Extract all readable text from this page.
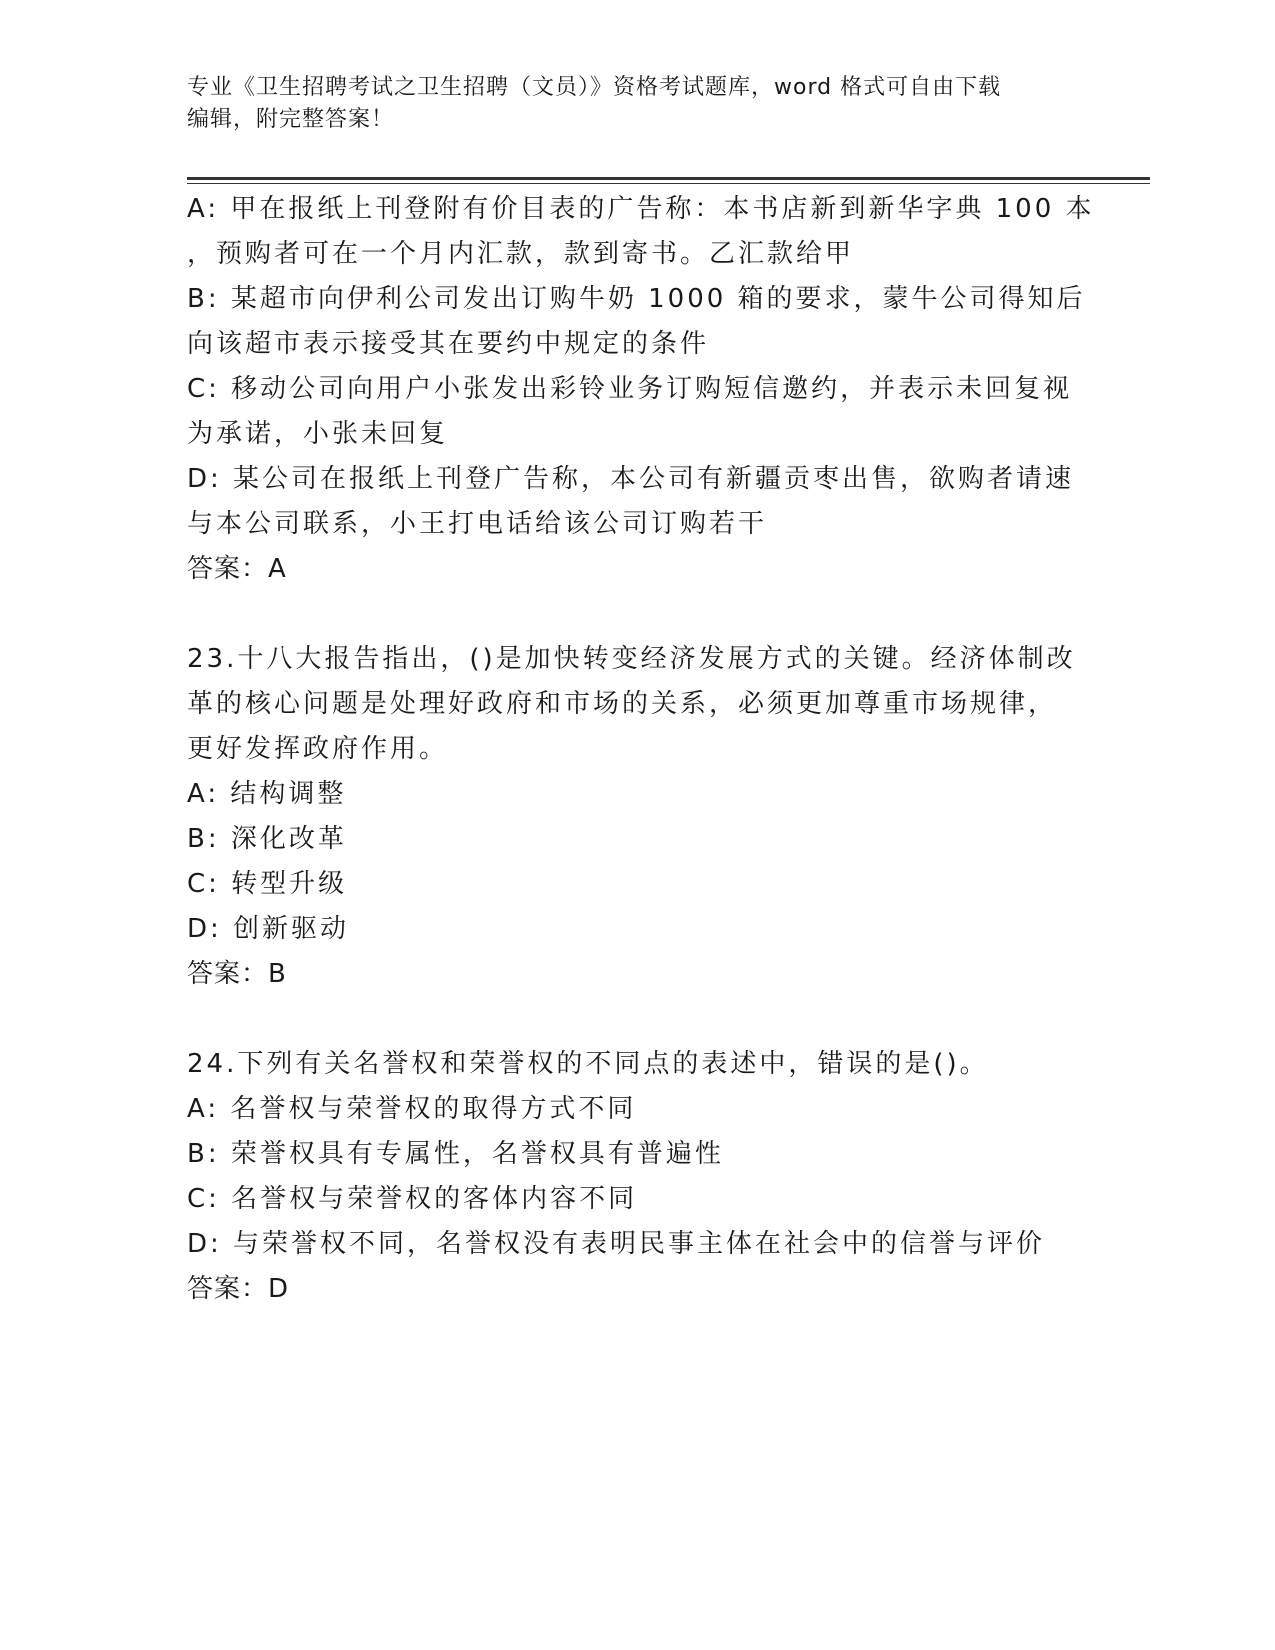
专业《卫生招聘考试之卫生招聘（文员）》资格考试题库，word 格式可自由下载
编辑，附完整答案！
A: 甲在报纸上刊登附有价目表的广告称：本书店新到新华字典 100 本
，预购者可在一个月内汇款，款到寄书。乙汇款给甲
B: 某超市向伊利公司发出订购牛奶 1000 箱的要求，蒙牛公司得知后
向该超市表示接受其在要约中规定的条件
C: 移动公司向用户小张发出彩铃业务订购短信邀约，并表示未回复视
为承诺，小张未回复
D: 某公司在报纸上刊登广告称，本公司有新疆贡枣出售，欲购者请速
与本公司联系，小王打电话给该公司订购若干
答案：A
23.十八大报告指出，()是加快转变经济发展方式的关键。经济体制改
革的核心问题是处理好政府和市场的关系，必须更加尊重市场规律，
更好发挥政府作用。
A: 结构调整
B: 深化改革
C: 转型升级
D: 创新驱动
答案：B
24.下列有关名誉权和荣誉权的不同点的表述中，错误的是()。
A: 名誉权与荣誉权的取得方式不同
B: 荣誉权具有专属性，名誉权具有普遍性
C: 名誉权与荣誉权的客体内容不同
D: 与荣誉权不同，名誉权没有表明民事主体在社会中的信誉与评价
答案：D
